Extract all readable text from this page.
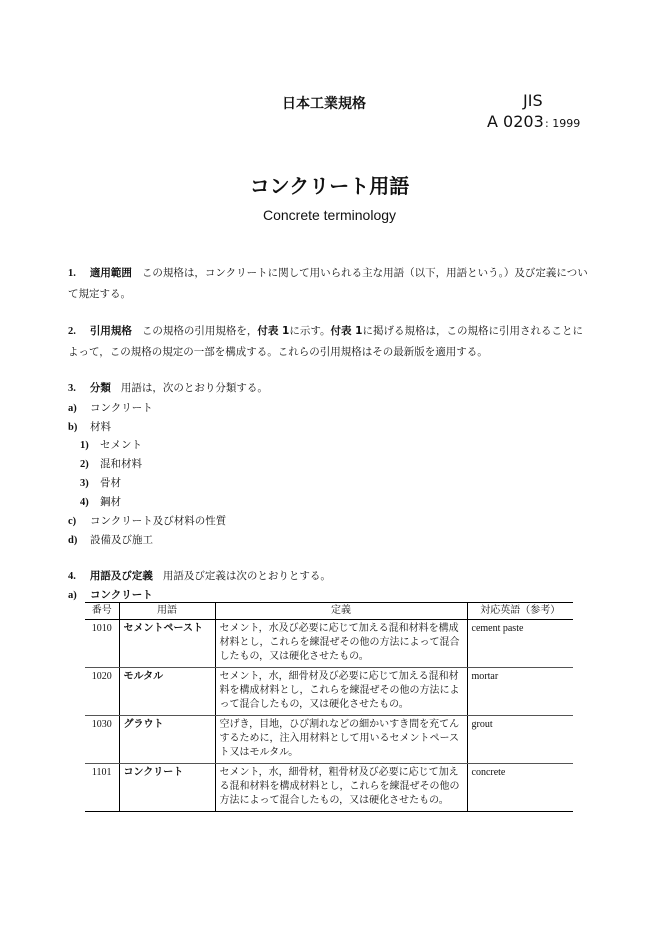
日本工業規格	JIS
A 0203 : 1999
コンクリート用語
Concrete terminology
1. 適用範囲 この規格は，コンクリートに関して用いられる主な用語（以下，用語という。）及び定義について規定する。
2. 引用規格 この規格の引用規格を，付表 1に示す。付表 1に掲げる規格は，この規格に引用されることによって，この規格の規定の一部を構成する。これらの引用規格はその最新版を適用する。
3. 分類 用語は，次のとおり分類する。
a) コンクリート
b) 材料
1) セメント
2) 混和材料
3) 骨材
4) 鋼材
c) コンクリート及び材料の性質
d) 設備及び施工
4. 用語及び定義 用語及び定義は次のとおりとする。
a) コンクリート
番号	用語	定義	対応英語（参考）
1010	セメントペースト	セメント，水及び必要に応じて加える混和材料を構成
材料とし，これらを練混ぜその他の方法によって混合
したもの，又は硬化させたもの。	cement paste
1020	モルタル	セメント，水，細骨材及び必要に応じて加える混和材
料を構成材料とし，これらを練混ぜその他の方法によ
って混合したもの，又は硬化させたもの。	mortar
1030	グラウト	空げき，目地，ひび割れなどの細かいすき間を充てん
するために，注入用材料として用いるセメントペース
ト又はモルタル。	grout
1101	コンクリート	セメント，水，細骨材，粗骨材及び必要に応じて加え
る混和材料を構成材料とし，これらを練混ぜその他の
方法によって混合したもの，又は硬化させたもの。	concrete
